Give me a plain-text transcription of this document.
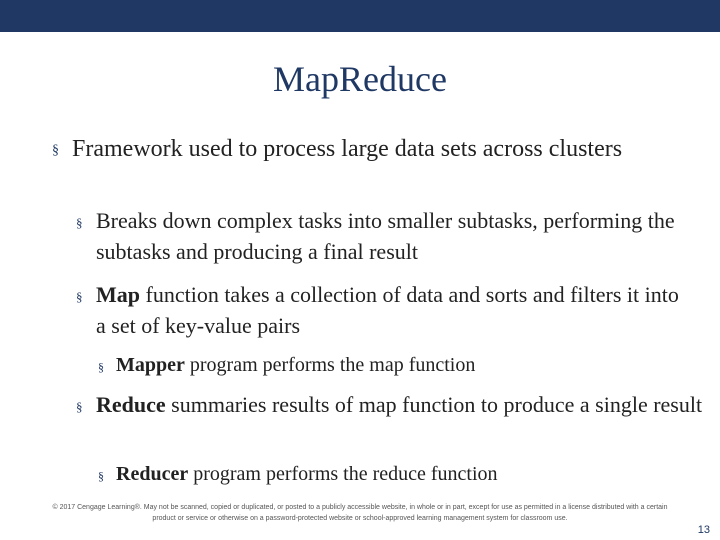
MapReduce
§ Framework used to process large data sets across clusters
§ Breaks down complex tasks into smaller subtasks, performing the subtasks and producing a final result
§ Map function takes a collection of data and sorts and filters it into a set of key-value pairs
§ Mapper program performs the map function
§ Reduce summaries results of map function to produce a single result
§ Reducer program performs the reduce function
© 2017 Cengage Learning®. May not be scanned, copied or duplicated, or posted to a publicly accessible website, in whole or in part, except for use as permitted in a license distributed with a certain product or service or otherwise on a password-protected website or school-approved learning management system for classroom use.
13
